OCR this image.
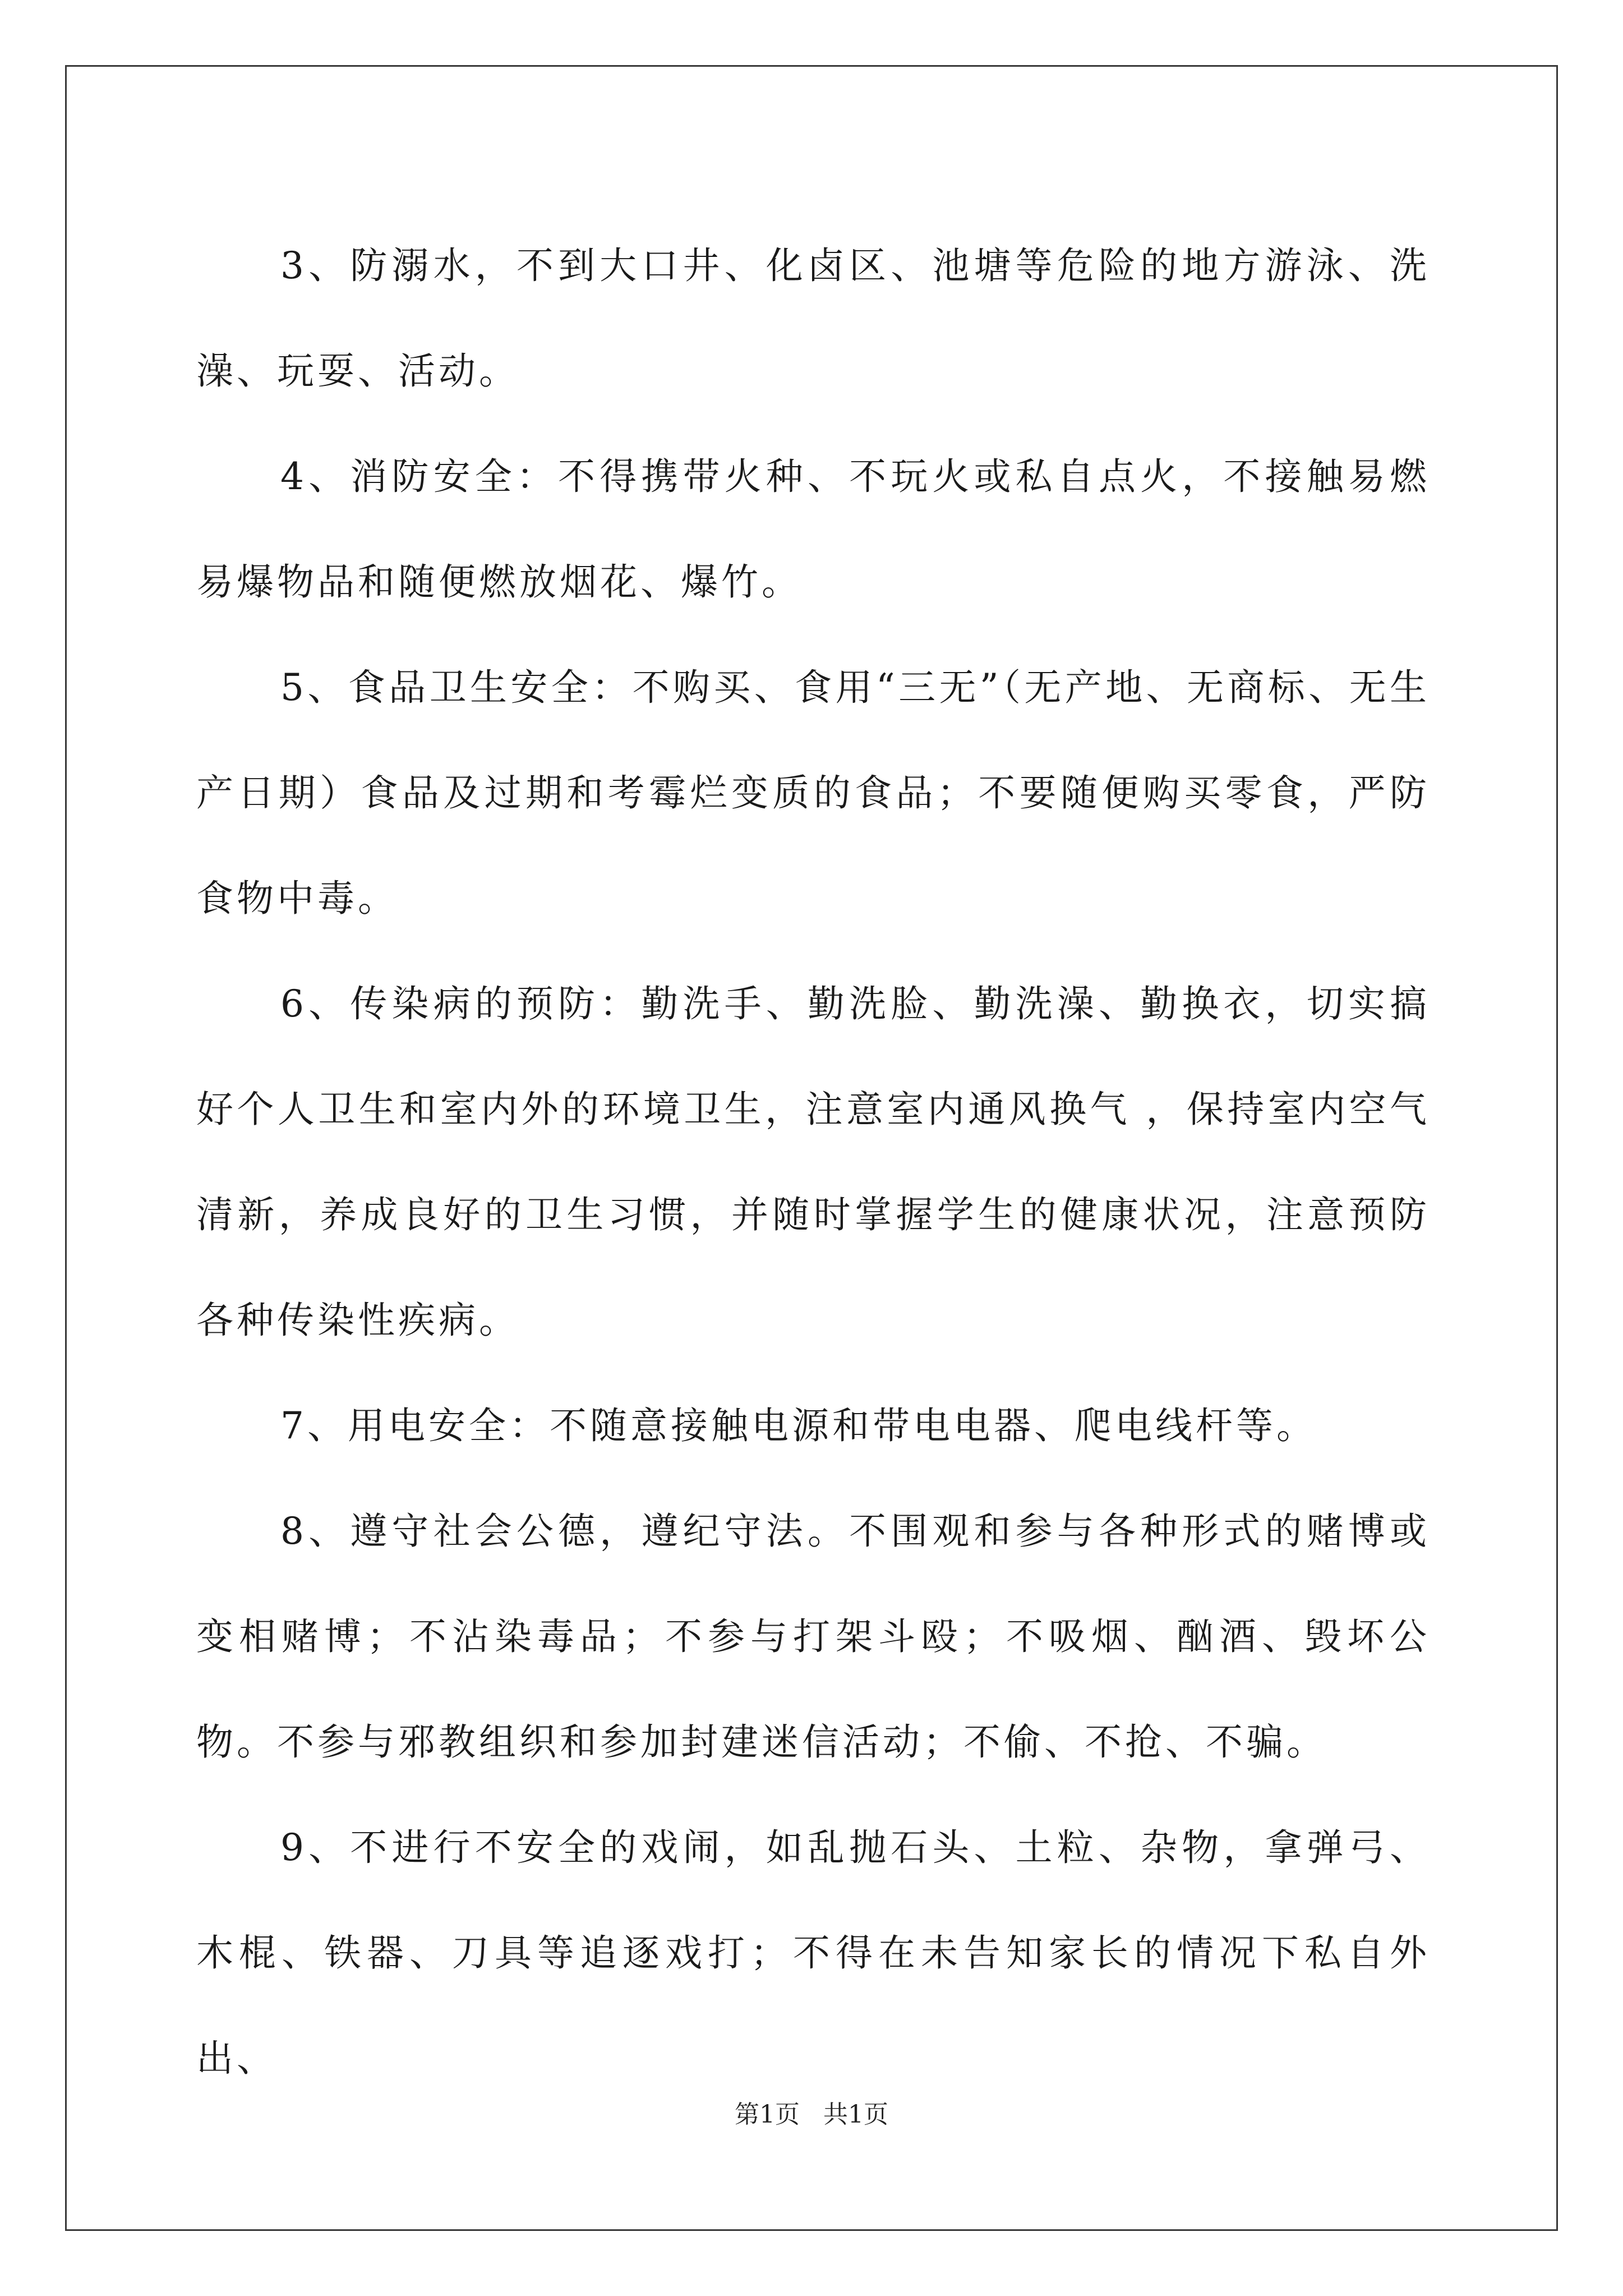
3、防溺水，不到大口井、化卤区、池塘等危险的地方游泳、洗澡、玩耍、活动。

4、消防安全：不得携带火种、不玩火或私自点火，不接触易燃易爆物品和随便燃放烟花、爆竹。

5、食品卫生安全：不购买、食用“三无”（无产地、无商标、无生产日期）食品及过期和考霉烂变质的食品；不要随便购买零食，严防食物中毒。

6、传染病的预防：勤洗手、勤洗脸、勤洗澡、勤换衣，切实搞好个人卫生和室内外的环境卫生，注意室内通风换气 ，保持室内空气清新，养成良好的卫生习惯，并随时掌握学生的健康状况，注意预防各种传染性疾病。

7、用电安全：不随意接触电源和带电电器、爬电线杆等。

8、遵守社会公德，遵纪守法。不围观和参与各种形式的赌博或变相赌博；不沾染毒品；不参与打架斗殴；不吸烟、酗酒、毁坏公物。不参与邪教组织和参加封建迷信活动；不偷、不抢、不骗。

9、不进行不安全的戏闹，如乱抛石头、土粒、杂物，拿弹弓、木棍、铁器、刀具等追逐戏打；不得在未告知家长的情况下私自外出、

第1页 共1页
